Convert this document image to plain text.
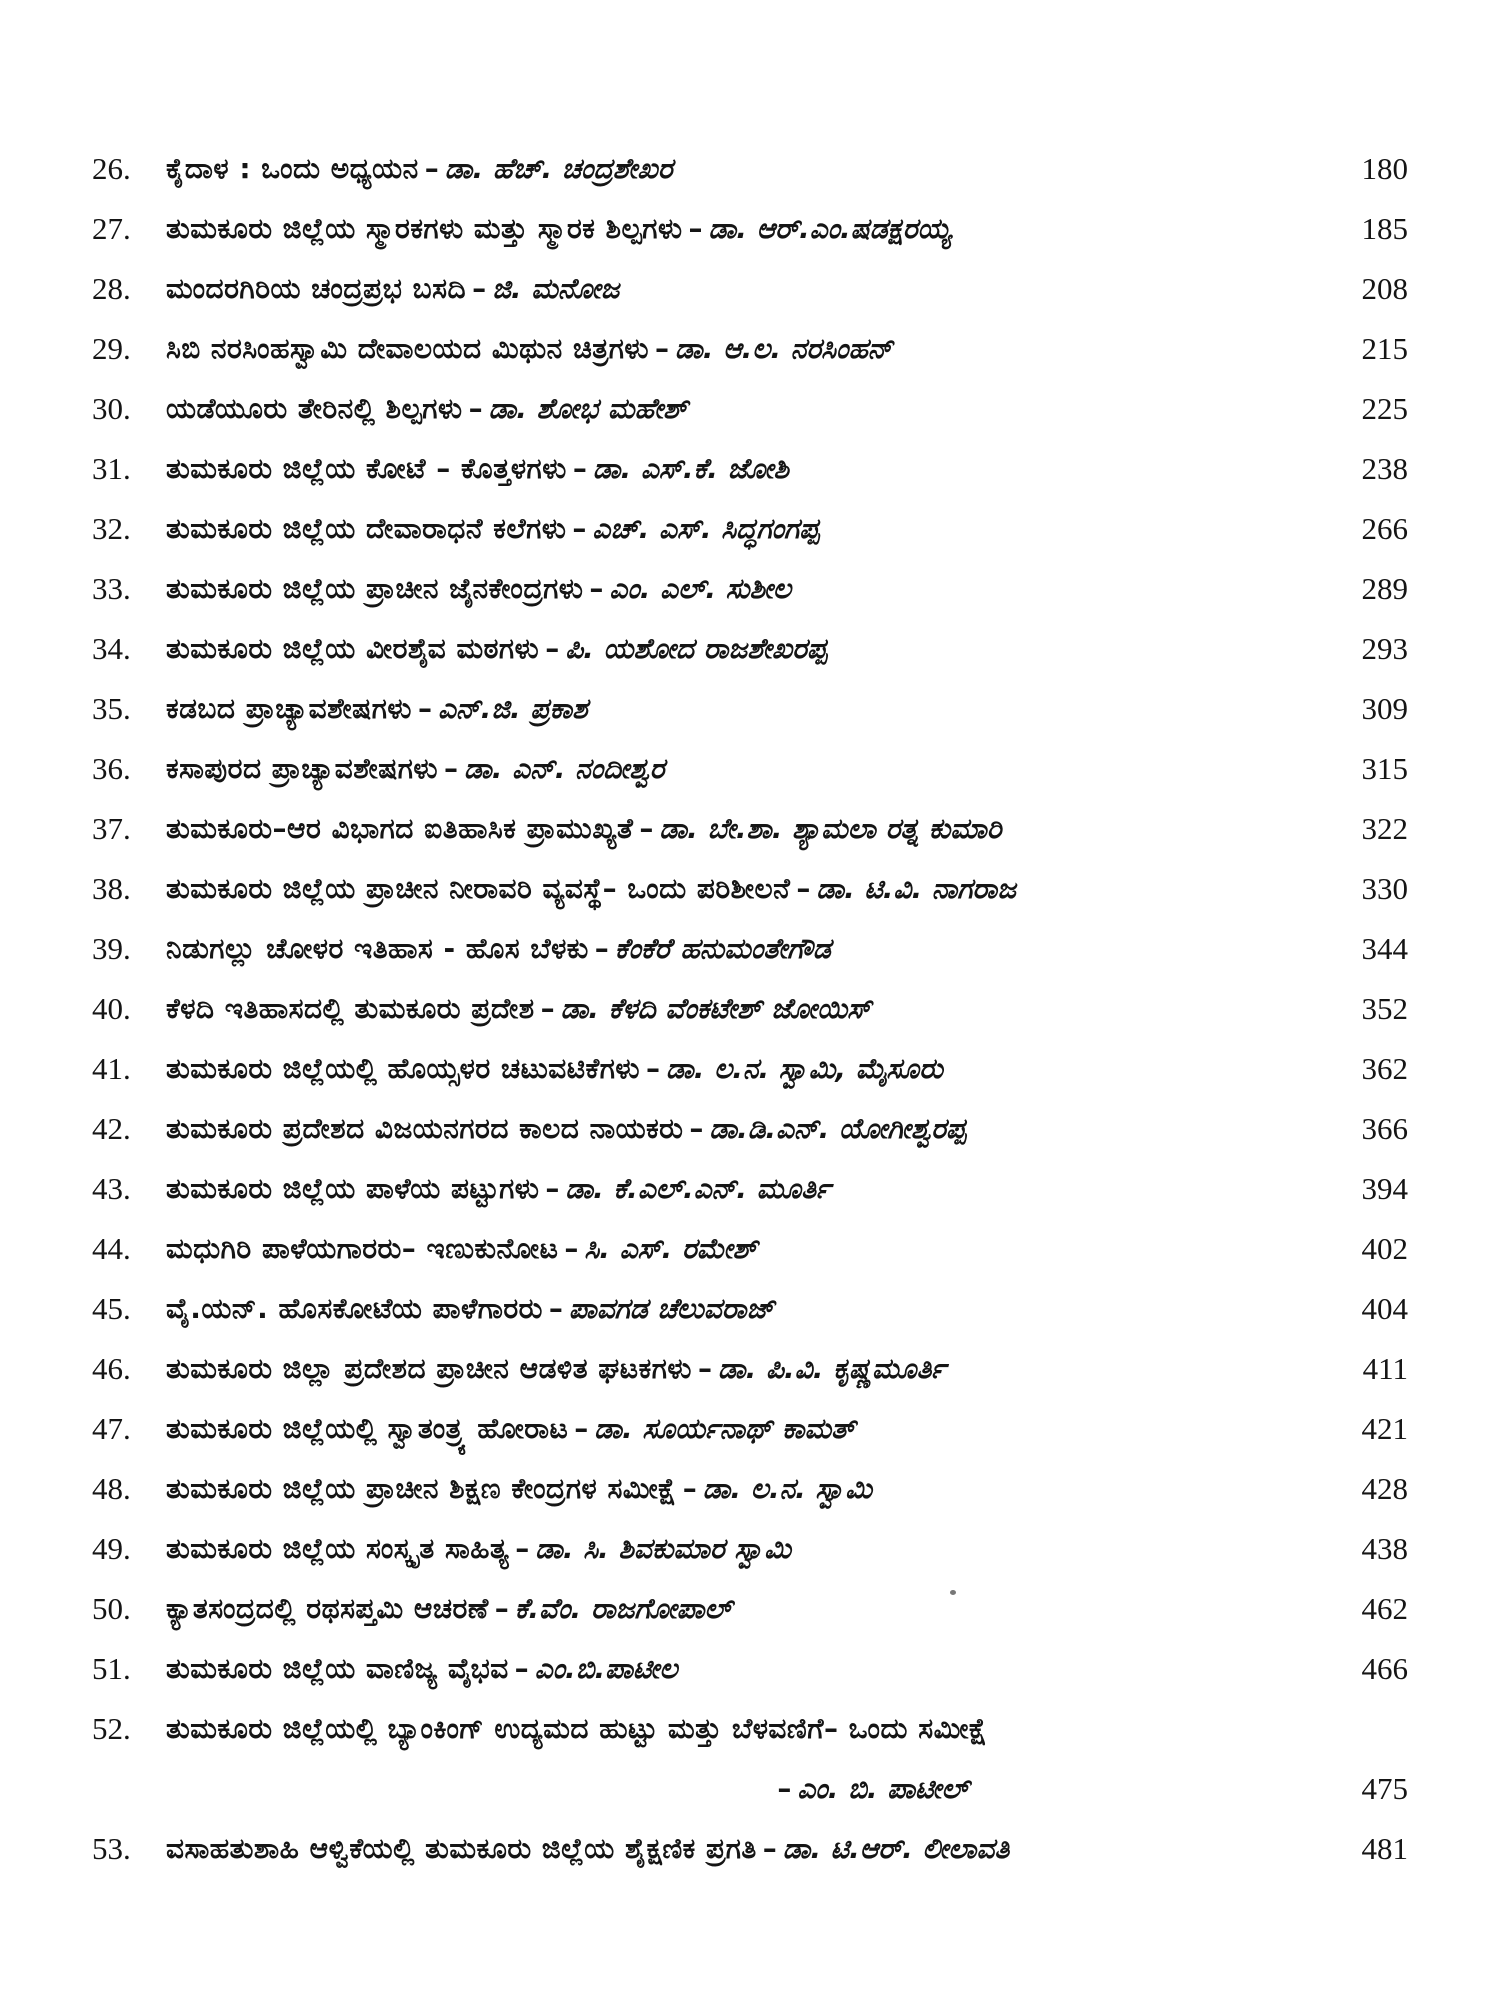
26.	ಕೈದಾಳ : ಒಂದು ಅಧ್ಯಯನ – ಡಾ. ಹೆಚ್. ಚಂದ್ರಶೇಖರ	180
27.	ತುಮಕೂರು ಜಿಲ್ಲೆಯ ಸ್ಮಾರಕಗಳು ಮತ್ತು ಸ್ಮಾರಕ ಶಿಲ್ಪಗಳು – ಡಾ. ಆರ್.ಎಂ.ಷಡಕ್ಷರಯ್ಯ	185
28.	ಮಂದರಗಿರಿಯ ಚಂದ್ರಪ್ರಭ ಬಸದಿ – ಜಿ. ಮನೋಜ	208
29.	ಸಿಬಿ ನರಸಿಂಹಸ್ವಾಮಿ ದೇವಾಲಯದ ಮಿಥುನ ಚಿತ್ರಗಳು – ಡಾ. ಆ.ಲ. ನರಸಿಂಹನ್	215
30.	ಯಡೆಯೂರು ತೇರಿನಲ್ಲಿ ಶಿಲ್ಪಗಳು – ಡಾ. ಶೋಭ ಮಹೇಶ್	225
31.	ತುಮಕೂರು ಜಿಲ್ಲೆಯ ಕೋಟೆ – ಕೊತ್ತಳಗಳು – ಡಾ. ಎಸ್.ಕೆ. ಜೋಶಿ	238
32.	ತುಮಕೂರು ಜಿಲ್ಲೆಯ ದೇವಾರಾಧನೆ ಕಲೆಗಳು – ಎಚ್. ಎಸ್. ಸಿದ್ಧಗಂಗಪ್ಪ	266
33.	ತುಮಕೂರು ಜಿಲ್ಲೆಯ ಪ್ರಾಚೀನ ಜೈನಕೇಂದ್ರಗಳು – ಎಂ. ಎಲ್. ಸುಶೀಲ	289
34.	ತುಮಕೂರು ಜಿಲ್ಲೆಯ ವೀರಶೈವ ಮಠಗಳು – ಪಿ. ಯಶೋದ ರಾಜಶೇಖರಪ್ಪ	293
35.	ಕಡಬದ ಪ್ರಾಚ್ಯಾವಶೇಷಗಳು – ಎನ್.ಜಿ. ಪ್ರಕಾಶ	309
36.	ಕಸಾಪುರದ ಪ್ರಾಚ್ಯಾವಶೇಷಗಳು – ಡಾ. ಎನ್. ನಂದೀಶ್ವರ	315
37.	ತುಮಕೂರು–ಆರ ವಿಭಾಗದ ಐತಿಹಾಸಿಕ ಪ್ರಾಮುಖ್ಯತೆ – ಡಾ. ಬೇ.ಶಾ. ಶ್ಯಾಮಲಾ ರತ್ನ ಕುಮಾರಿ	322
38.	ತುಮಕೂರು ಜಿಲ್ಲೆಯ ಪ್ರಾಚೀನ ನೀರಾವರಿ ವ್ಯವಸ್ಥೆ– ಒಂದು ಪರಿಶೀಲನೆ – ಡಾ. ಟಿ.ವಿ. ನಾಗರಾಜ	330
39.	ನಿಡುಗಲ್ಲು ಚೋಳರ ಇತಿಹಾಸ - ಹೊಸ ಬೆಳಕು – ಕೆಂಕೆರೆ ಹನುಮಂತೇಗೌಡ	344
40.	ಕೆಳದಿ ಇತಿಹಾಸದಲ್ಲಿ ತುಮಕೂರು ಪ್ರದೇಶ – ಡಾ. ಕೆಳದಿ ವೆಂಕಟೇಶ್ ಜೋಯಿಸ್	352
41.	ತುಮಕೂರು ಜಿಲ್ಲೆಯಲ್ಲಿ ಹೊಯ್ಸಳರ ಚಟುವಟಿಕೆಗಳು – ಡಾ. ಲ.ನ. ಸ್ವಾಮಿ, ಮೈಸೂರು	362
42.	ತುಮಕೂರು ಪ್ರದೇಶದ ವಿಜಯನಗರದ ಕಾಲದ ನಾಯಕರು – ಡಾ.ಡಿ.ಎನ್. ಯೋಗೀಶ್ವರಪ್ಪ	366
43.	ತುಮಕೂರು ಜಿಲ್ಲೆಯ ಪಾಳೆಯ ಪಟ್ಟುಗಳು – ಡಾ. ಕೆ.ಎಲ್.ಎನ್. ಮೂರ್ತಿ	394
44.	ಮಧುಗಿರಿ ಪಾಳೆಯಗಾರರು– ಇಣುಕುನೋಟ – ಸಿ. ಎಸ್. ರಮೇಶ್	402
45.	ವೈ.ಯನ್. ಹೊಸಕೋಟೆಯ ಪಾಳೆಗಾರರು – ಪಾವಗಡ ಚೆಲುವರಾಜ್	404
46.	ತುಮಕೂರು ಜಿಲ್ಲಾ ಪ್ರದೇಶದ ಪ್ರಾಚೀನ ಆಡಳಿತ ಘಟಕಗಳು – ಡಾ. ಪಿ.ವಿ. ಕೃಷ್ಣಮೂರ್ತಿ	411
47.	ತುಮಕೂರು ಜಿಲ್ಲೆಯಲ್ಲಿ ಸ್ವಾತಂತ್ರ್ಯ ಹೋರಾಟ – ಡಾ. ಸೂರ್ಯನಾಥ್ ಕಾಮತ್	421
48.	ತುಮಕೂರು ಜಿಲ್ಲೆಯ ಪ್ರಾಚೀನ ಶಿಕ್ಷಣ ಕೇಂದ್ರಗಳ ಸಮೀಕ್ಷೆ – ಡಾ. ಲ.ನ. ಸ್ವಾಮಿ	428
49.	ತುಮಕೂರು ಜಿಲ್ಲೆಯ ಸಂಸ್ಕೃತ ಸಾಹಿತ್ಯ – ಡಾ. ಸಿ. ಶಿವಕುಮಾರ ಸ್ವಾಮಿ	438
50.	ಕ್ಯಾತಸಂದ್ರದಲ್ಲಿ ರಥಸಪ್ತಮಿ ಆಚರಣೆ – ಕೆ.ವೆಂ. ರಾಜಗೋಪಾಲ್	462
51.	ತುಮಕೂರು ಜಿಲ್ಲೆಯ ವಾಣಿಜ್ಯ ವೈಭವ – ಎಂ.ಬಿ.ಪಾಟೀಲ	466
52.	ತುಮಕೂರು ಜಿಲ್ಲೆಯಲ್ಲಿ ಬ್ಯಾಂಕಿಂಗ್ ಉದ್ಯಮದ ಹುಟ್ಟು ಮತ್ತು ಬೆಳವಣಿಗೆ– ಒಂದು ಸಮೀಕ್ಷೆ
– ಎಂ. ಬಿ. ಪಾಟೀಲ್	475
53.	ವಸಾಹತುಶಾಹಿ ಆಳ್ವಿಕೆಯಲ್ಲಿ ತುಮಕೂರು ಜಿಲ್ಲೆಯ ಶೈಕ್ಷಣಿಕ ಪ್ರಗತಿ – ಡಾ. ಟಿ.ಆರ್. ಲೀಲಾವತಿ	481
